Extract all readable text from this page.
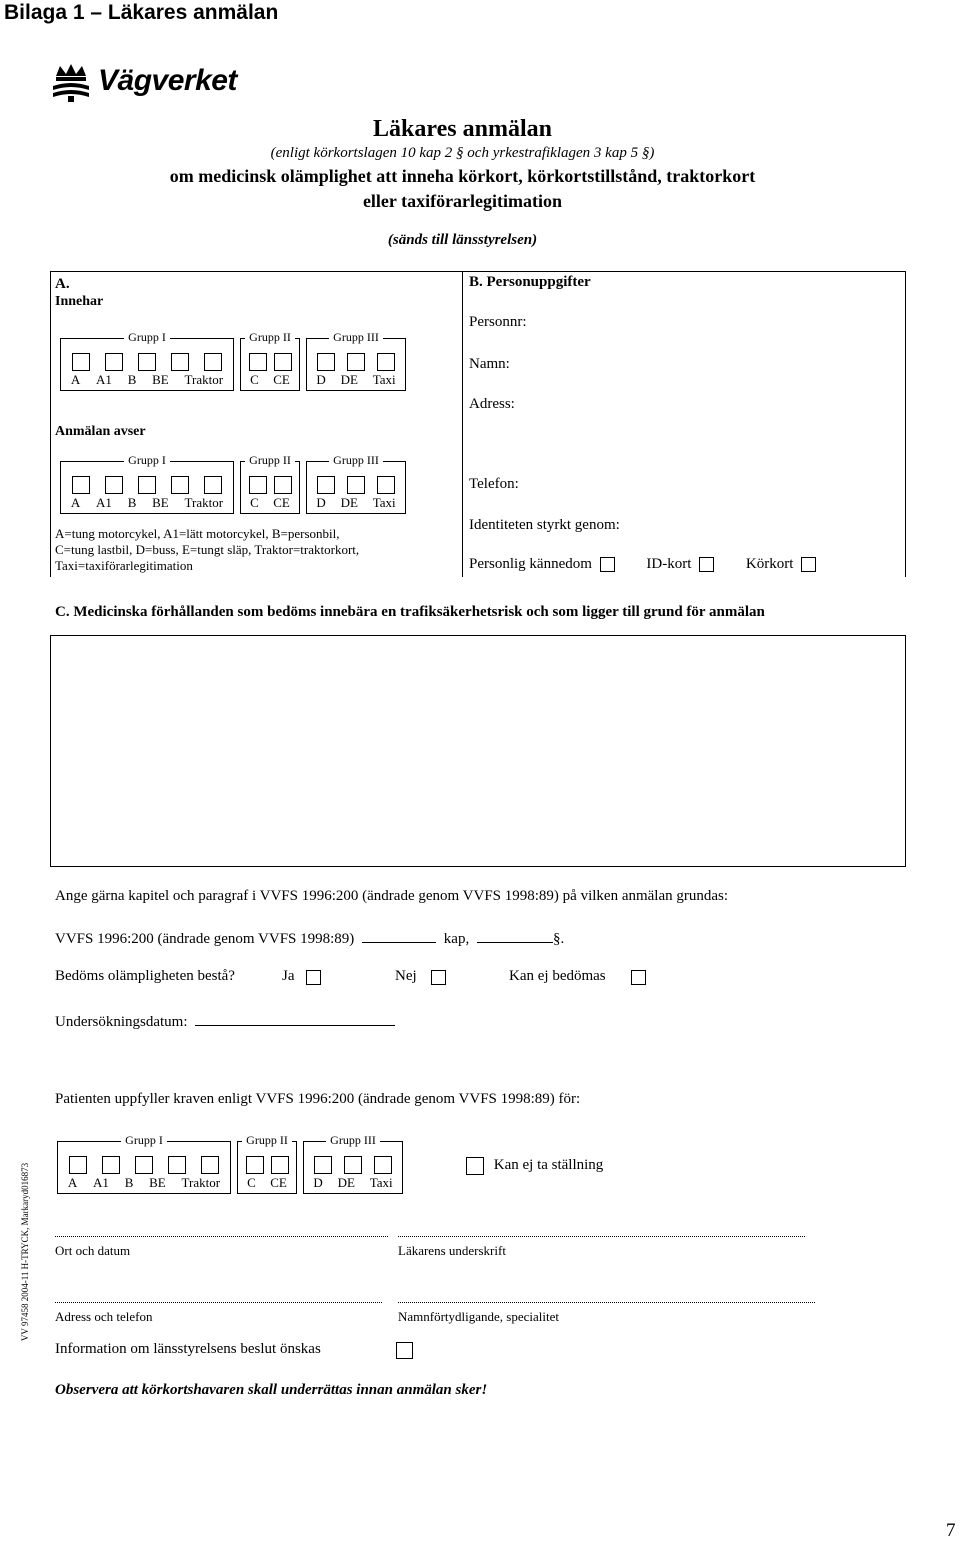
Bilaga 1 – Läkares anmälan
Vägverket
Läkares anmälan
(enligt körkortslagen 10 kap 2 § och yrkestrafiklagen 3 kap 5 §)
om medicinsk olämplighet att inneha körkort, körkortstillstånd, traktorkort
eller taxiförarlegitimation
(sänds till länsstyrelsen)
A.
Innehar
Grupp I
A A1 B BE Traktor
Grupp II
C CE
Grupp III
D DE Taxi
Anmälan avser
Grupp I
A A1 B BE Traktor
Grupp II
C CE
Grupp III
D DE Taxi
A=tung motorcykel, A1=lätt motorcykel, B=personbil,
C=tung lastbil, D=buss, E=tungt släp, Traktor=traktorkort,
Taxi=taxiförarlegitimation
B. Personuppgifter
Personnr:
Namn:
Adress:
Telefon:
Identiteten styrkt genom:
Personlig kännedom	ID-kort	Körkort
C. Medicinska förhållanden som bedöms innebära en trafiksäkerhetsrisk och som ligger till grund för anmälan
Ange gärna kapitel och paragraf i VVFS 1996:200 (ändrade genom VVFS 1998:89) på vilken anmälan grundas:
VVFS 1996:200 (ändrade genom VVFS 1998:89)	kap,	§.
Bedöms olämpligheten bestå?	Ja	Nej	Kan ej bedömas
Undersökningsdatum:
Patienten uppfyller kraven enligt VVFS 1996:200 (ändrade genom VVFS 1998:89) för:
Grupp I
A A1 B BE Traktor
Grupp II
C CE
Grupp III
D DE Taxi
Kan ej ta ställning
Ort och datum	Läkarens underskrift
Adress och telefon	Namnförtydligande, specialitet
Information om länsstyrelsens beslut önskas
Observera att körkortshavaren skall underrättas innan anmälan sker!
VV 97458 2004-11 H-TRYCK, Markaryd016873
7
